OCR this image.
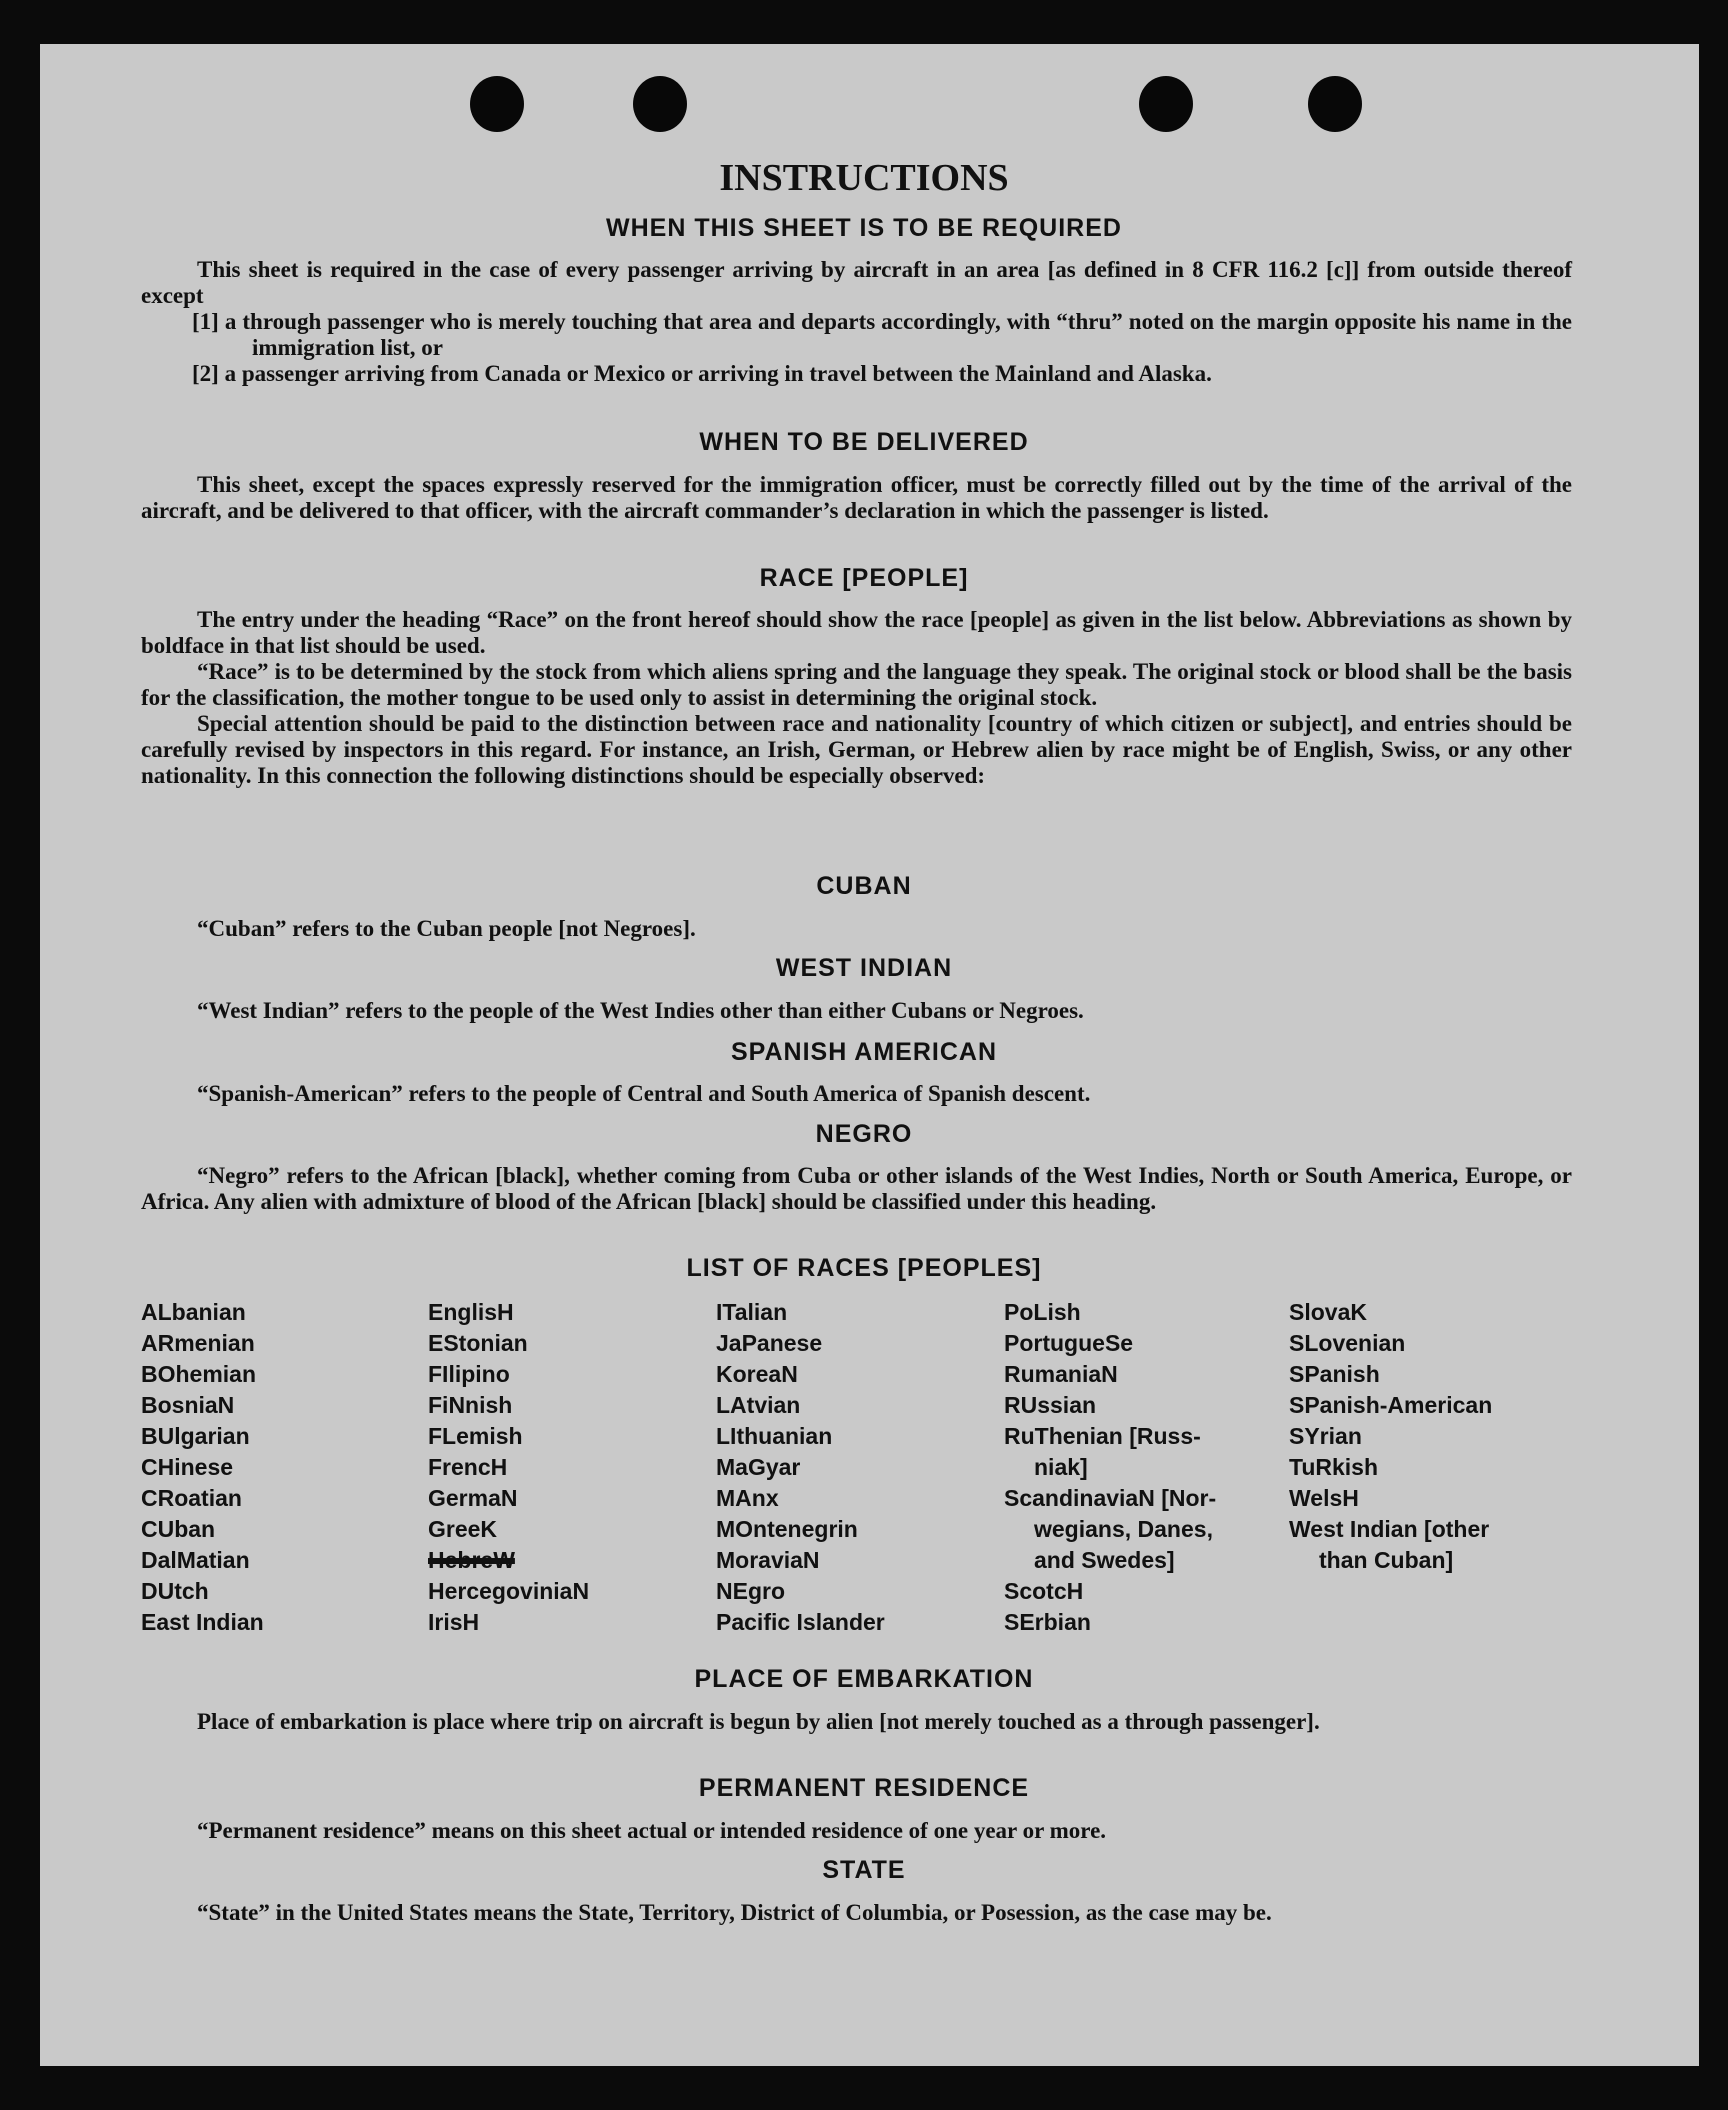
INSTRUCTIONS
WHEN THIS SHEET IS TO BE REQUIRED
This sheet is required in the case of every passenger arriving by aircraft in an area [as defined in 8 CFR 116.2 [c]] from outside thereof except
[1] a through passenger who is merely touching that area and departs accordingly, with “thru” noted on the margin opposite his name in the immigration list, or
[2] a passenger arriving from Canada or Mexico or arriving in travel between the Mainland and Alaska.
WHEN TO BE DELIVERED
This sheet, except the spaces expressly reserved for the immigration officer, must be correctly filled out by the time of the arrival of the aircraft, and be delivered to that officer, with the aircraft commander’s declaration in which the passenger is listed.
RACE [PEOPLE]
The entry under the heading “Race” on the front hereof should show the race [people] as given in the list below. Abbreviations as shown by boldface in that list should be used.
“Race” is to be determined by the stock from which aliens spring and the language they speak. The original stock or blood shall be the basis for the classification, the mother tongue to be used only to assist in determining the original stock.
Special attention should be paid to the distinction between race and nationality [country of which citizen or subject], and entries should be carefully revised by inspectors in this regard. For instance, an Irish, German, or Hebrew alien by race might be of English, Swiss, or any other nationality. In this connection the following distinctions should be especially observed:
CUBAN
“Cuban” refers to the Cuban people [not Negroes].
WEST INDIAN
“West Indian” refers to the people of the West Indies other than either Cubans or Negroes.
SPANISH AMERICAN
“Spanish-American” refers to the people of Central and South America of Spanish descent.
NEGRO
“Negro” refers to the African [black], whether coming from Cuba or other islands of the West Indies, North or South America, Europe, or Africa. Any alien with admixture of blood of the African [black] should be classified under this heading.
LIST OF RACES [PEOPLES]
ALbanian
ARmenian
BOhemian
BosniaN
BUlgarian
CHinese
CRoatian
CUban
DalMatian
DUtch
East Indian
EnglisH
EStonian
FIlipino
FiNnish
FLemish
FrencH
GermaN
GreeK
HebreW
HercegoviniaN
IrisH
ITalian
JaPanese
KoreaN
LAtvian
LIthuanian
MaGyar
MAnx
MOntenegrin
MoraviaN
NEgro
Pacific Islander
PoLish
PortugueSe
RumaniaN
RUssian
RuThenian [Russ-
niak]
ScandinaviaN [Nor-
wegians, Danes,
and Swedes]
ScotcH
SErbian
SlovaK
SLovenian
SPanish
SPanish-American
SYrian
TuRkish
WelsH
West Indian [other
than Cuban]
PLACE OF EMBARKATION
Place of embarkation is place where trip on aircraft is begun by alien [not merely touched as a through passenger].
PERMANENT RESIDENCE
“Permanent residence” means on this sheet actual or intended residence of one year or more.
STATE
“State” in the United States means the State, Territory, District of Columbia, or Posession, as the case may be.
